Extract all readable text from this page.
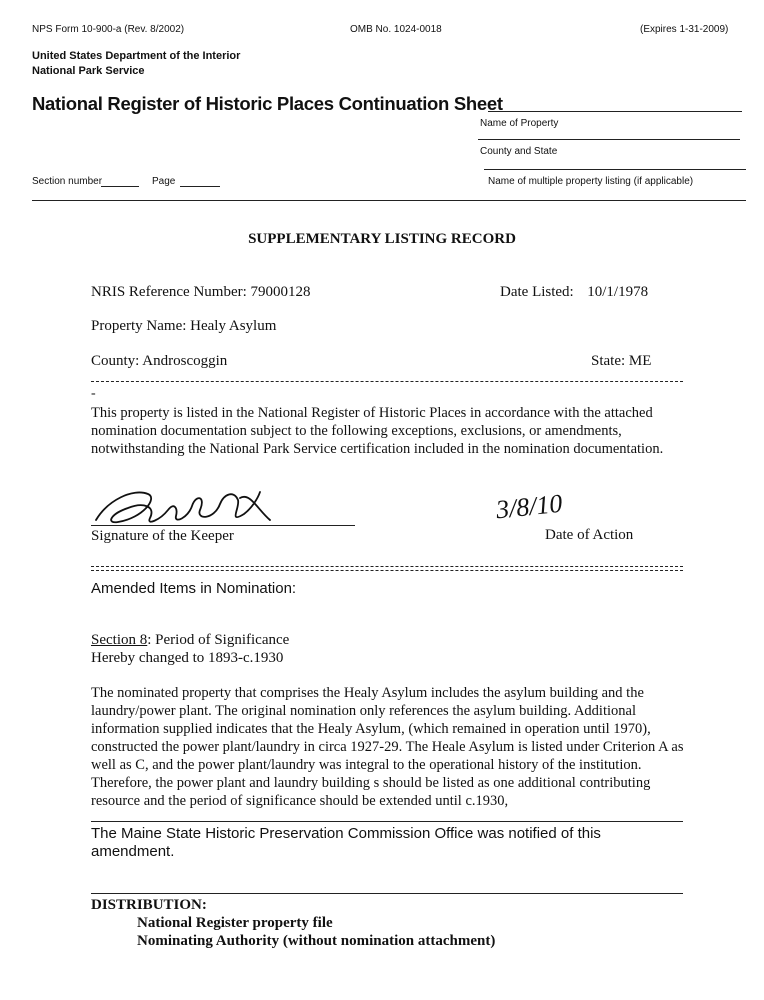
NPS Form 10-900-a (Rev. 8/2002)	OMB No. 1024-0018	(Expires 1-31-2009)
United States Department of the Interior
National Park Service
National Register of Historic Places Continuation Sheet
Name of Property
County and State
Section number	Page	Name of multiple property listing (if applicable)
SUPPLEMENTARY LISTING RECORD
NRIS Reference Number: 79000128	Date Listed: 10/1/1978
Property Name: Healy Asylum
County: Androscoggin	State: ME
-
This property is listed in the National Register of Historic Places in accordance with the attached nomination documentation subject to the following exceptions, exclusions, or amendments, notwithstanding the National Park Service certification included in the nomination documentation.
Signature of the Keeper
3/8/10
Date of Action
Amended Items in Nomination:
Section 8: Period of Significance
Hereby changed to 1893-c.1930
The nominated property that comprises the Healy Asylum includes the asylum building and the laundry/power plant. The original nomination only references the asylum building. Additional information supplied indicates that the Healy Asylum, (which remained in operation until 1970), constructed the power plant/laundry in circa 1927-29. The Heale Asylum is listed under Criterion A as well as C, and the power plant/laundry was integral to the operational history of the institution. Therefore, the power plant and laundry building s should be listed as one additional contributing resource and the period of significance should be extended until c.1930,
The Maine State Historic Preservation Commission Office was notified of this amendment.
DISTRIBUTION:
National Register property file
Nominating Authority (without nomination attachment)
